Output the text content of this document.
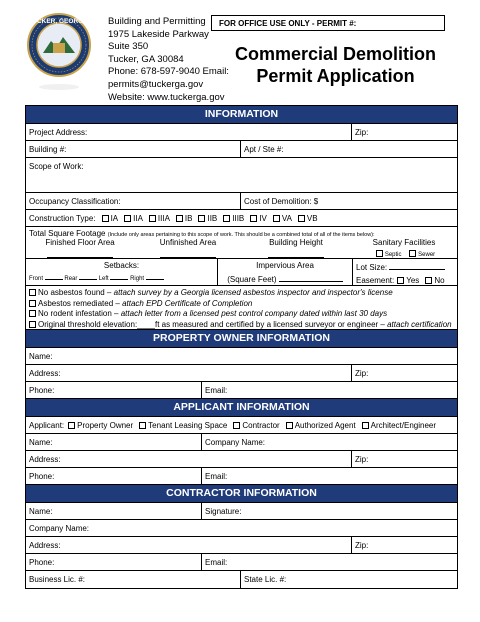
TUCKER, GEORGIA Building and Permitting
1975 Lakeside Parkway
Suite 350
Tucker, GA 30084
Phone: 678-597-9040 Email:
permits@tuckerga.gov
Website: www.tuckerga.gov
FOR OFFICE USE ONLY - PERMIT #:
Commercial Demolition
Permit Application
INFORMATION
Project Address:	Zip:
Building #:	Apt / Ste #:
Scope of Work:
Occupancy Classification:	Cost of Demolition: $
Construction Type: IA IIA IIIA IB IIB IIIB IV VA VB
Total Square Footage (Include only areas pertaining to this scope of work. This should be a combined total of all of the items below):
Finished Floor Area	Unfinished Area	Building Height	Sanitary Facilities
Septic	Sewer
Setbacks:
Front	Rear	Left	Right
Impervious Area
(Square Feet)
Lot Size:
Easement: Yes No
No asbestos found – attach survey by a Georgia licensed asbestos inspector and inspector's license
Asbestos remediated – attach EPD Certificate of Completion
No rodent infestation – attach letter from a licensed pest control company dated within last 30 days
Original threshold elevation:____ft as measured and certified by a licensed surveyor or engineer – attach certification
PROPERTY OWNER INFORMATION
Name:
Address:	Zip:
Phone:	Email:
APPLICANT INFORMATION
Applicant: Property Owner Tenant Leasing Space Contractor Authorized Agent Architect/Engineer
Name:	Company Name:
Address:	Zip:
Phone:	Email:
CONTRACTOR INFORMATION
Name:	Signature:
Company Name:
Address:	Zip:
Phone:	Email:
Business Lic. #:	State Lic. #:
